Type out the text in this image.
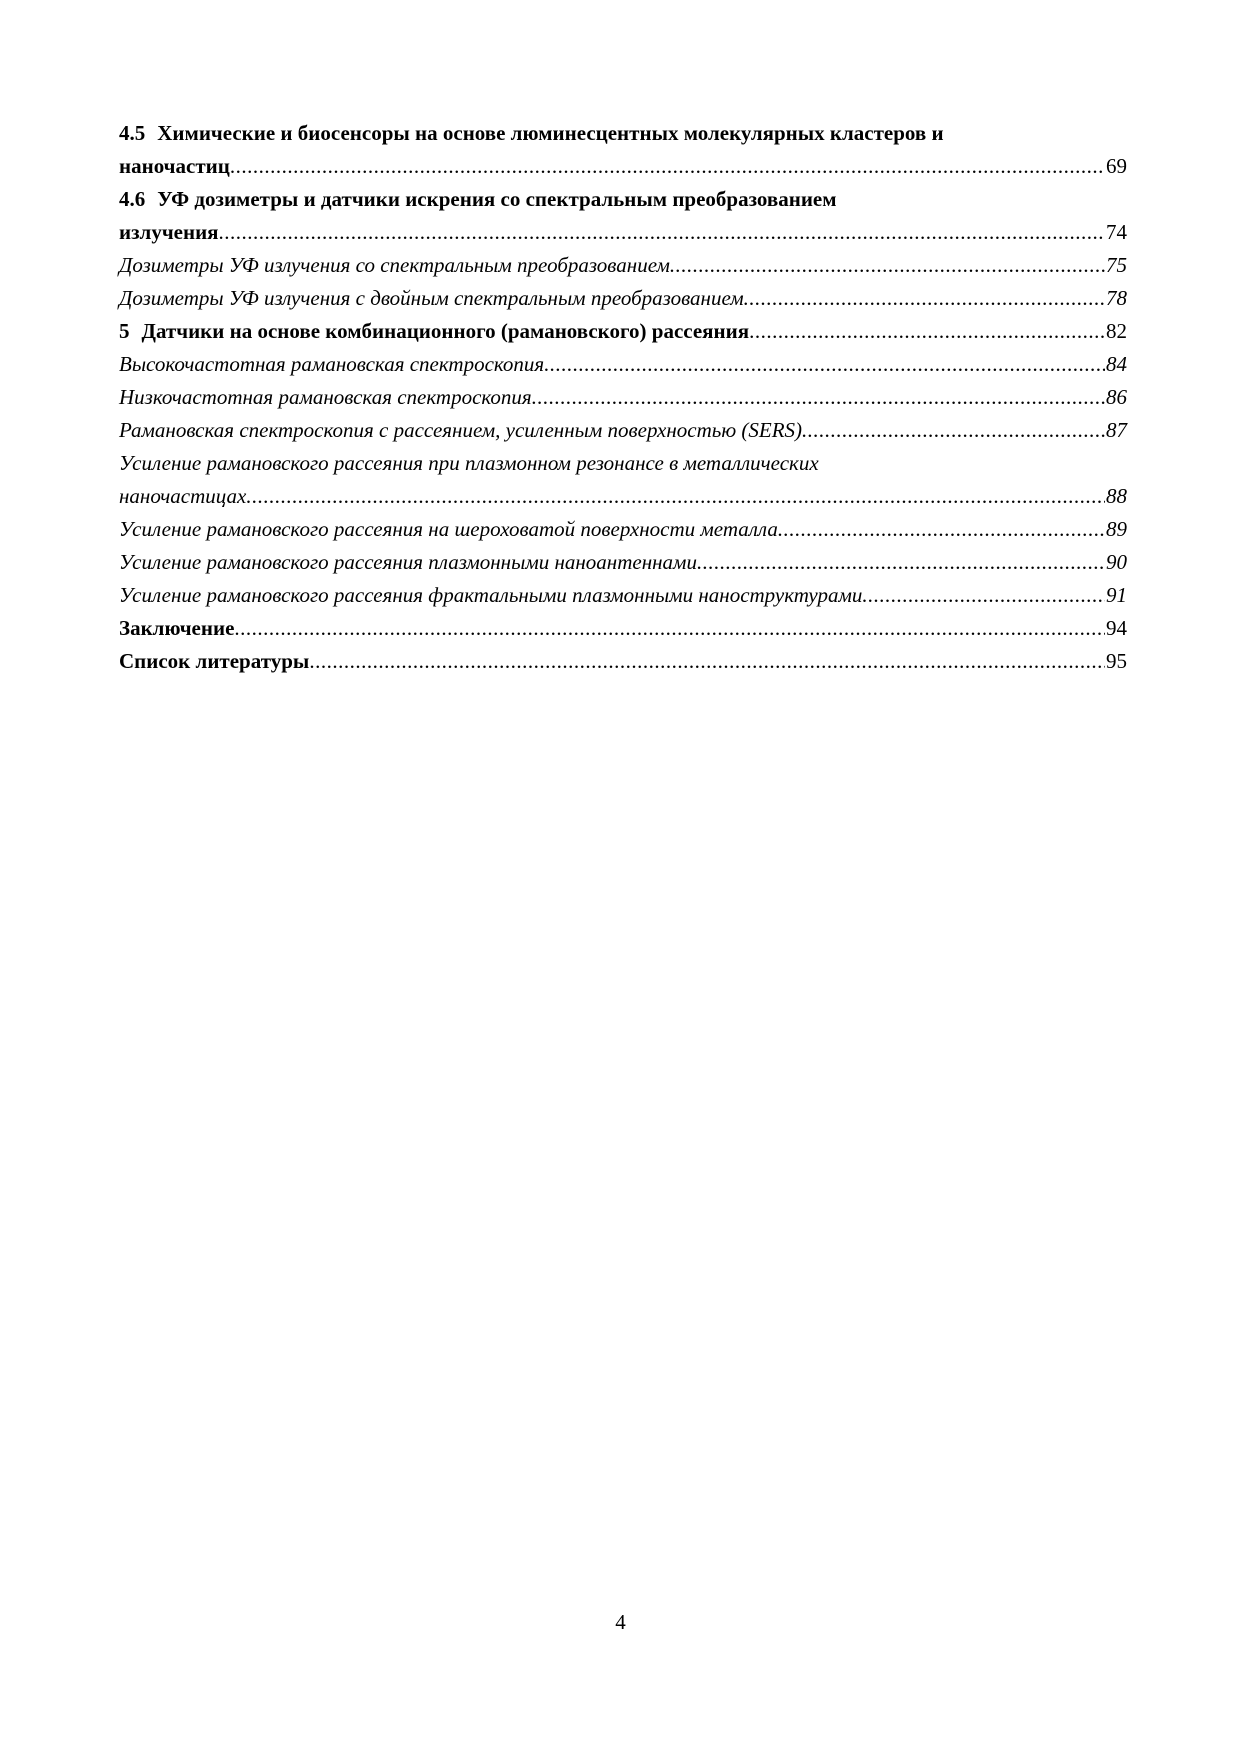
4.5 Химические и биосенсоры на основе люминесцентных молекулярных кластеров и
наночастиц .....	69
4.6 УФ дозиметры и датчики искрения со спектральным преобразованием
излучения .....	74
Дозиметры УФ излучения со спектральным преобразованием .....	75
Дозиметры УФ излучения с двойным спектральным преобразованием .....	78
5 Датчики на основе комбинационного (рамановского) рассеяния .....	82
Высокочастотная рамановская спектроскопия .....	84
Низкочастотная рамановская спектроскопия .....	86
Рамановская спектроскопия с рассеянием, усиленным поверхностью (SERS) .....	87
Усиление рамановского рассеяния при плазмонном резонансе в металлических
наночастицах .....	88
Усиление рамановского рассеяния на шероховатой поверхности металла .....	89
Усиление рамановского рассеяния плазмонными наноантеннами .....	90
Усиление рамановского рассеяния фрактальными плазмонными наноструктурами .....	91
Заключение .....	94
Список литературы .....	95
4
